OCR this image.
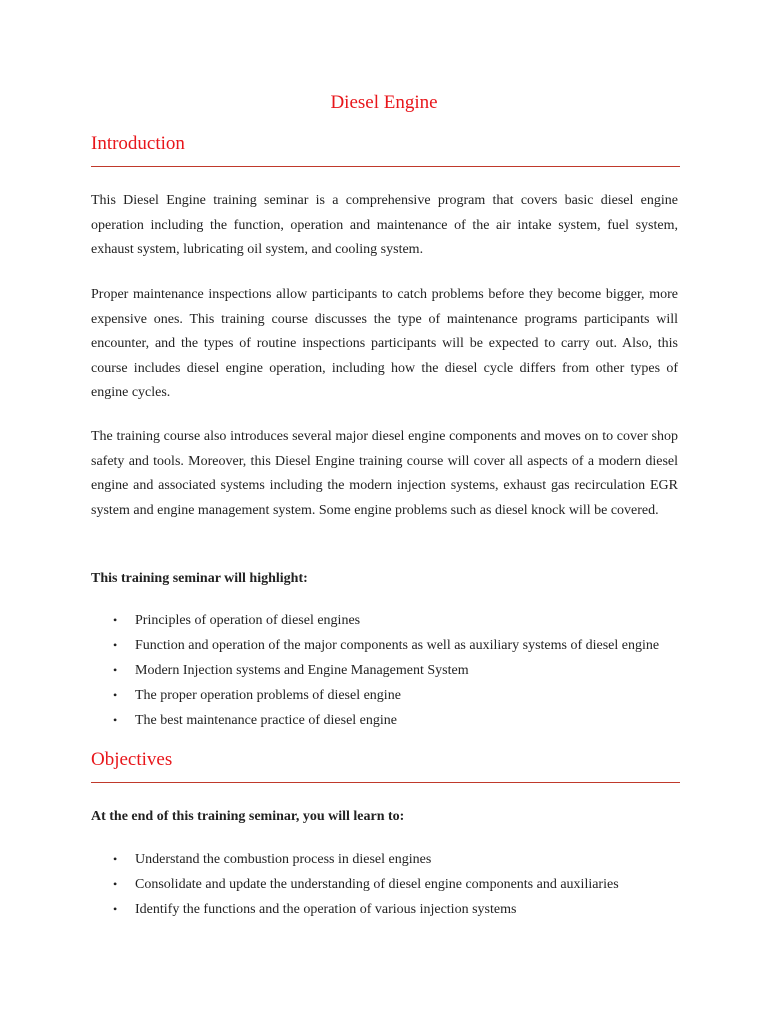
Diesel Engine
Introduction

This Diesel Engine training seminar is a comprehensive program that covers basic diesel engine operation including the function, operation and maintenance of the air intake system, fuel system, exhaust system, lubricating oil system, and cooling system.

Proper maintenance inspections allow participants to catch problems before they become bigger, more expensive ones. This training course discusses the type of maintenance programs participants will encounter, and the types of routine inspections participants will be expected to carry out. Also, this course includes diesel engine operation, including how the diesel cycle differs from other types of engine cycles.

The training course also introduces several major diesel engine components and moves on to cover shop safety and tools. Moreover, this Diesel Engine training course will cover all aspects of a modern diesel engine and associated systems including the modern injection systems, exhaust gas recirculation EGR system and engine management system. Some engine problems such as diesel knock will be covered.

This training seminar will highlight:

• Principles of operation of diesel engines
• Function and operation of the major components as well as auxiliary systems of diesel engine
• Modern Injection systems and Engine Management System
• The proper operation problems of diesel engine
• The best maintenance practice of diesel engine
Objectives

At the end of this training seminar, you will learn to:

• Understand the combustion process in diesel engines
• Consolidate and update the understanding of diesel engine components and auxiliaries
• Identify the functions and the operation of various injection systems
